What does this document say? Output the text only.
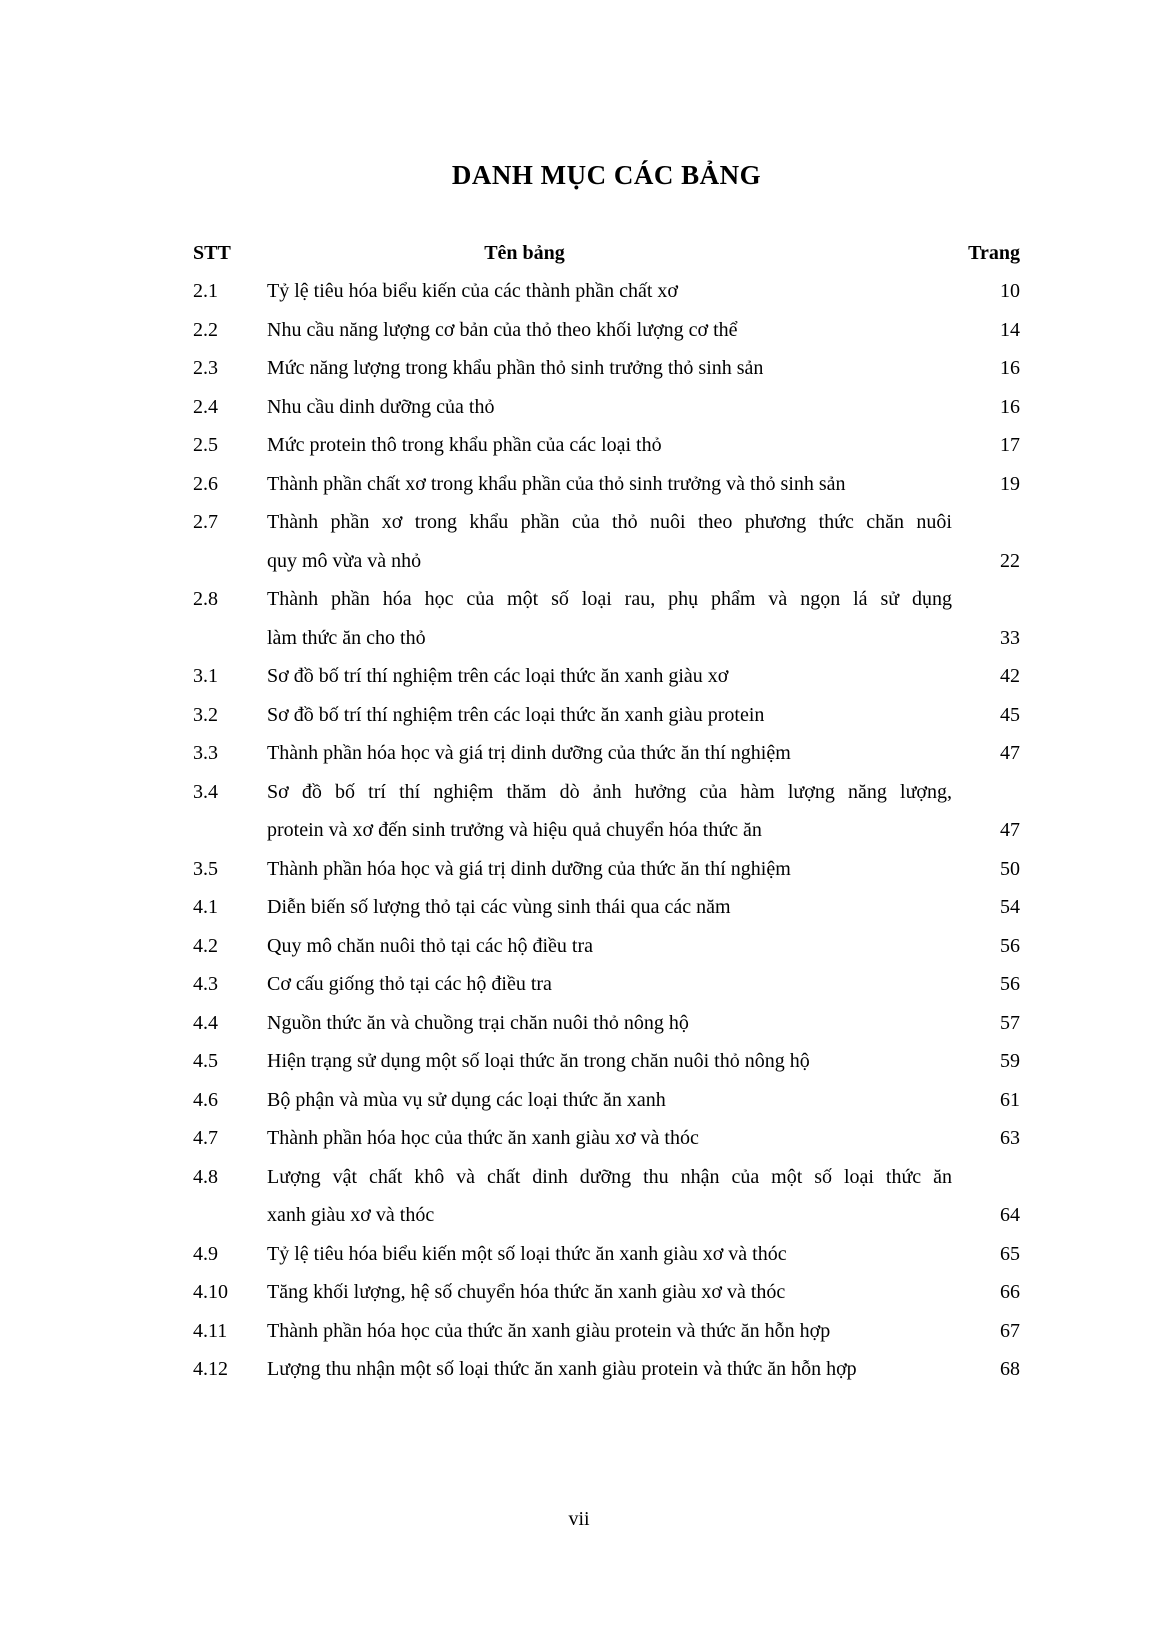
DANH MỤC CÁC BẢNG
STT	Tên bảng	Trang
2.1	Tỷ lệ tiêu hóa biểu kiến của các thành phần chất xơ	10
2.2	Nhu cầu năng lượng cơ bản của thỏ theo khối lượng cơ thể	14
2.3	Mức năng lượng trong khẩu phần thỏ sinh trưởng thỏ sinh sản	16
2.4	Nhu cầu dinh dưỡng của thỏ	16
2.5	Mức protein thô trong khẩu phần của các loại thỏ	17
2.6	Thành phần chất xơ trong khẩu phần của thỏ sinh trưởng và thỏ sinh sản	19
2.7	Thành phần xơ trong khẩu phần của thỏ nuôi theo phương thức chăn nuôi
quy mô vừa và nhỏ	22
2.8	Thành phần hóa học của một số loại rau, phụ phẩm và ngọn lá sử dụng
làm thức ăn cho thỏ	33
3.1	Sơ đồ bố trí thí nghiệm trên các loại thức ăn xanh giàu xơ	42
3.2	Sơ đồ bố trí thí nghiệm trên các loại thức ăn xanh giàu protein	45
3.3	Thành phần hóa học và giá trị dinh dưỡng của thức ăn thí nghiệm	47
3.4	Sơ đồ bố trí thí nghiệm thăm dò ảnh hưởng của hàm lượng năng lượng,
protein và xơ đến sinh trưởng và hiệu quả chuyển hóa thức ăn	47
3.5	Thành phần hóa học và giá trị dinh dưỡng của thức ăn thí nghiệm	50
4.1	Diễn biến số lượng thỏ tại các vùng sinh thái qua các năm	54
4.2	Quy mô chăn nuôi thỏ tại các hộ điều tra	56
4.3	Cơ cấu giống thỏ tại các hộ điều tra	56
4.4	Nguồn thức ăn và chuồng trại chăn nuôi thỏ nông hộ	57
4.5	Hiện trạng sử dụng một số loại thức ăn trong chăn nuôi thỏ nông hộ	59
4.6	Bộ phận và mùa vụ sử dụng các loại thức ăn xanh	61
4.7	Thành phần hóa học của thức ăn xanh giàu xơ và thóc	63
4.8	Lượng vật chất khô và chất dinh dưỡng thu nhận của một số loại thức ăn
xanh giàu xơ và thóc	64
4.9	Tỷ lệ tiêu hóa biểu kiến một số loại thức ăn xanh giàu xơ và thóc	65
4.10	Tăng khối lượng, hệ số chuyển hóa thức ăn xanh giàu xơ và thóc	66
4.11	Thành phần hóa học của thức ăn xanh giàu protein và thức ăn hỗn hợp	67
4.12	Lượng thu nhận một số loại thức ăn xanh giàu protein và thức ăn hỗn hợp	68
vii
